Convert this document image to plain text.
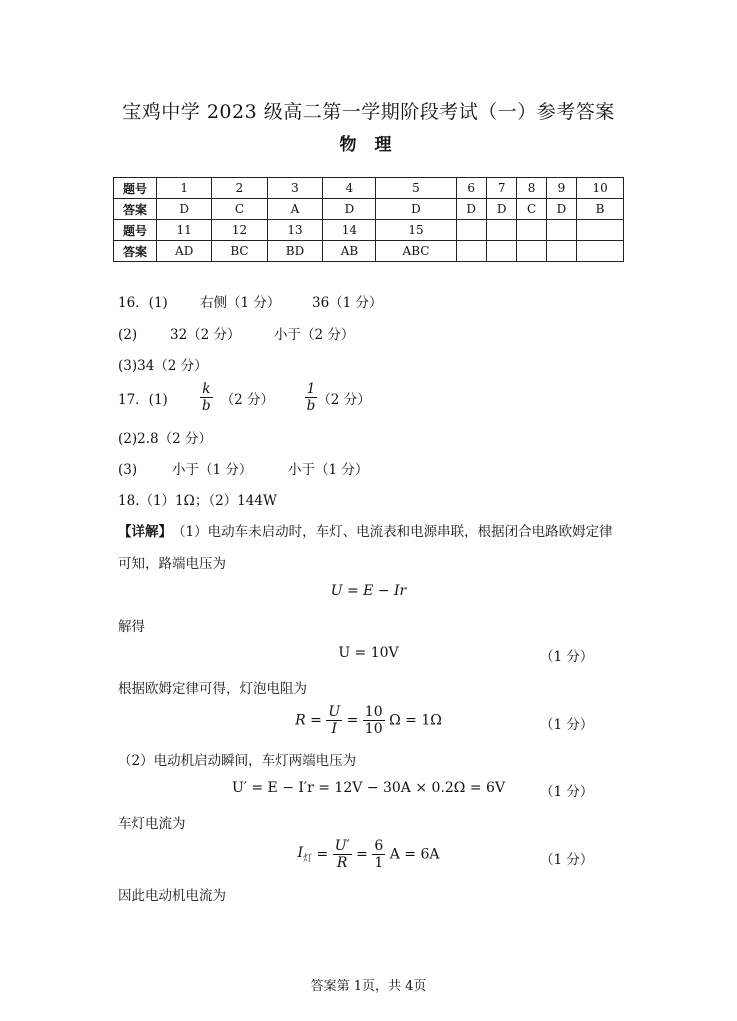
宝鸡中学 2023 级高二第一学期阶段考试（一）参考答案
物 理
题号	1	2	3	4	5	6	7	8	9	10
答案	D	C	A	D	D	D	D	C	D	B
题号	11	12	13	14	15					
答案	AD	BC	BD	AB	ABC					
16．(1) 右侧（1 分） 36（1 分）
(2) 32（2 分） 小于（2 分）
(3)34（2 分）
17．$(1) \frac{k}{b} (2$ 分） $\frac{1}{b} (2$ 分）
(2)2.8（2 分）
(3)	小于（1 分）	小于（1 分）
18.（1）1Ω；（2）144W
【详解】（1）电动车未启动时，车灯、电流表和电源串联，根据闭合电路欧姆定律
可知，路端电压为
U = E − Ir
解得
U = 10V	（1 分）
根据欧姆定律可得，灯泡电阻为
$R = \frac{U}{I} = \frac{10}{10}$ Ω = 1Ω	（1 分）
（2）电动机启动瞬间，车灯两端电压为
U′ = E − I′r = 12V − 30A × 0.2Ω = 6V	（1 分）
车灯电流为
$I_灯 = \frac{U'}{R} = \frac{6}{1}$ A = 6A	（1 分）
因此电动机电流为
答案第 1页，共 4页
